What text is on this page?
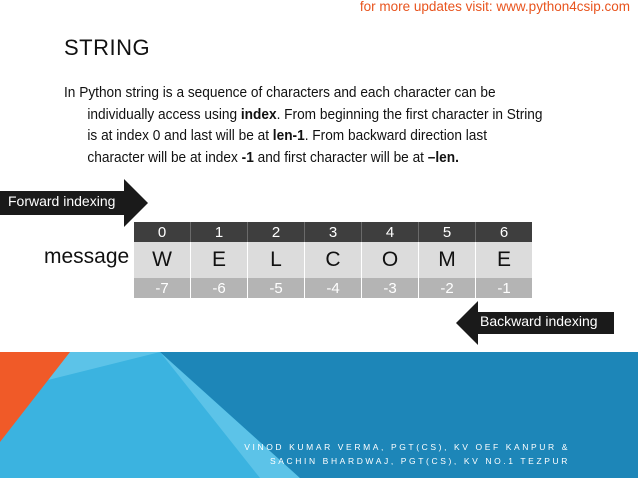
for more updates visit: www.python4csip.com
STRING
In Python string is a sequence of characters and each character can be
individually access using index. From beginning the first character in String
is at index 0 and last will be at len-1. From backward direction last
character will be at index -1 and first character will be at –len.
Forward indexing
message
0	1	2	3	4	5	6
W	E	L	C	O	M	E
-7	-6	-5	-4	-3	-2	-1
Backward indexing
VINOD KUMAR VERMA, PGT(CS), KV OEF KANPUR &
SACHIN BHARDWAJ, PGT(CS), KV NO.1 TEZPUR
